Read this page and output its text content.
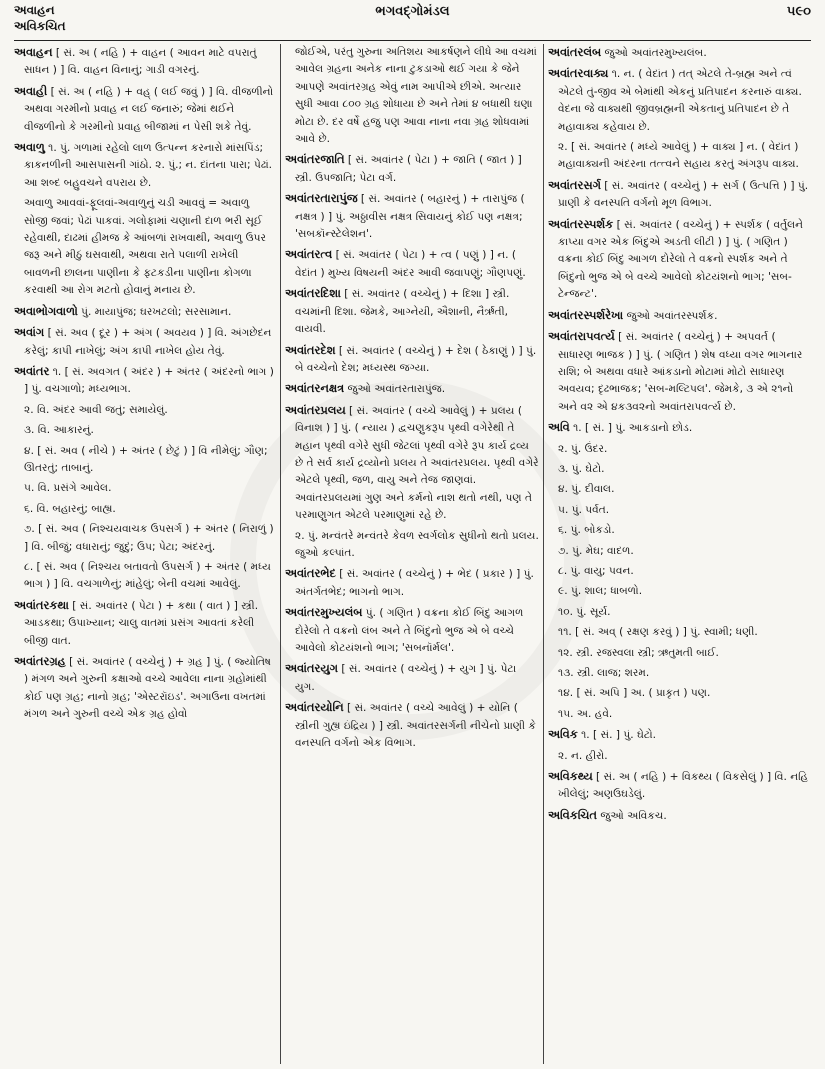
અવાહન
અવિકચિત
ભગવદ્ગોમંડલ	૫૯૦
અવાહન [ સં. અ ( નહિ ) + વાહન ( આવન માટે વપરાતું સાધન ) ] વિ. વાહન વિનાનું; ગાડી વગરનું.
અવાહી [ સં. અ ( નહિ ) + વહ્ ( લઈ જવું ) ] વિ. વીજળીનો અથવા ગરમીનો પ્રવાહ ન લઈ જનારું; જેમાં થઈને વીજળીનો કે ગરમીનો પ્રવાહ બીજામાં ન પેસી શકે તેવું.
અવાળુ ૧. પું. ગળામાં રહેલો લાળ ઉત્પન્ન કરનારો માંસપિંડ; કાકનળીની આસપાસની ગાંઠો. ૨. પું.; ન. દાંતના પારા; પેઢાં. આ શબ્દ બહુવચને વપરાય છે.
અવાળુ આવવાં-ફૂલવાં-અવાળુનું ચડી આવવું = અવાળુ સોજી જવાં; પેઢાં પાકવાં. ગલોફામાં ચણાની દાળ ભરી સૂઈ રહેવાથી, દાઢમાં હીમજ કે આંબળાં રાખવાથી, અવાળુ ઉપર જરૂ અને મીઠું ઘસવાથી, અથવા રાતે પલાળી રાખેલી બાવળની છાલના પાણીના કે ફટકડીના પાણીના કોગળા કરવાથી આ રોગ મટતો હોવાનું મનાય છે.
અવાભોગવાળો પું. માયાપુંજ; ઘરખટલો; સરસામાન.
અવાંગ [ સં. અવ ( દૂર ) + અંગ ( અવયવ ) ] વિ. અંગછેદન કરેલું; કાપી નાખેલું; અંગ કાપી નાખેલ હોય તેવું.
અવાંતર ૧. [ સં. અવગત ( અંદર ) + અંતર ( અંદરનો ભાગ ) ] પું. વચગાળો; મધ્યભાગ.
૨. વિ. અંદર આવી જતું; સમાયેલું.
૩. વિ. આકારનું.
૪. [ સં. અવ ( નીચે ) + અંતર ( છેટું ) ] વિ નીમેલું; ગૌણ; ઊતરતું; તાબાનું.
૫. વિ. પ્રસંગે આવેલ.
૬. વિ. બહારનું; બાહ્ય.
૭. [ સં. અવ ( નિશ્ચયવાચક ઉપસર્ગ ) + અંતર ( નિરાળું ) ] વિ. બીજું; વધારાનું; જુદું; ઉપ; પેટા; અંદરનું.
૮. [ સં. અવ ( નિશ્ચય બતાવતો ઉપસર્ગ ) + અંતર ( મધ્ય ભાગ ) ] વિ. વચગાળેનું; માંહેલું; બેની વચમાં આવેલું.
અવાંતરકથા [ સં. અવાંતર ( પેટા ) + કથા ( વાત ) ] સ્ત્રી. આડકથા; ઉપાખ્યાન; ચાલુ વાતમાં પ્રસંગ આવતાં કરેલી બીજી વાત.
અવાંતરગ્રહ [ સં. અવાંતર ( વચ્ચેનું ) + ગ્રહ ] પું. ( જ્યોતિષ ) મંગળ અને ગુરુની કક્ષાઓ વચ્ચે આવેલા નાના ગ્રહોમાંથી કોઈ પણ ગ્રહ; નાનો ગ્રહ; 'એસ્ટરૉઇડ'. અગાઉના વખતમાં મંગળ અને ગુરુની વચ્ચે એક ગ્રહ હોવો
જોઈએ, પરંતુ ગુરુના અતિશય આકર્ષણને લીધે આ વચમાં આવેલ ગ્રહના અનેક નાના ટુકડાઓ થઈ ગયા કે જેને આપણે અવાંતરગ્રહ એવું નામ આપીએ છીએ. અત્યાર સુધી આવા ૮૦૦ ગ્રહ શોધાયા છે અને તેમાં ૪ બધાથી ઘણા મોટા છે. દર વર્ષે હજુ પણ આવા નાના નવા ગ્રહ શોધવામાં આવે છે.
અવાંતરજાતિ [ સં. અવાંતર ( પેટા ) + જાતિ ( જાત ) ] સ્ત્રી. ઉપજાતિ; પેટા વર્ગ.
અવાંતરતારાપુંજ [ સં. અવાંતર ( બહારનું ) + તારાપુંજ ( નક્ષત્ર ) ] પું. અઠ્ઠાવીસ નક્ષત્ર સિવાયનું કોઈ પણ નક્ષત્ર; 'સબકૉન્સ્ટેલેશન'.
અવાંતરત્વ [ સં. અવાંતર ( પેટા ) + ત્વ ( પણું ) ] ન. ( વેદાંત ) મુખ્ય વિષયની અંદર આવી જવાપણું; ગૌણપણું.
અવાંતરદિશા [ સં. અવાંતર ( વચ્ચેનું ) + દિશા ] સ્ત્રી. વચમાંની દિશા. જેમકે, આગ્નેયી, ઐશાની, નૈર્ઋતી, વાયવી.
અવાંતરદેશ [ સં. અવાંતર ( વચ્ચેનું ) + દેશ ( ઠેકાણું ) ] પું. બે વચ્ચેનો દેશ; મધ્યસ્થ જગ્યા.
અવાંતરનક્ષત્ર જુઓ અવાંતરતારાપુંજ.
અવાંતરપ્રલય [ સં. અવાંતર ( વચ્ચે આવેલું ) + પ્રલય ( વિનાશ ) ] પું. ( ન્યાય ) દ્વચણુકરૂપ પૃથ્વી વગેરેથી તે મહાન પૃથ્વી વગેરે સુધી જેટલાં પૃથ્વી વગેરે રૂપ કાર્ય દ્રવ્ય છે તે સર્વ કાર્ય દ્રવ્યોનો પ્રલય તે અવાંતરપ્રલય. પૃથ્વી વગેરે એટલે પૃથ્વી, જળ, વાયુ અને તેજ જાણવાં. અવાંતરપ્રલયમાં ગુણ અને કર્મનો નાશ થતો નથી, પણ તે પરમાણુગત એટલે પરમાણુમાં રહે છે.
૨. પું. મન્વંતરે મન્વંતરે કેવળ સ્વર્ગલોક સુધીનો થતો પ્રલય. જુઓ કલ્પાંત.
અવાંતરભેદ [ સં. અવાંતર ( વચ્ચેનું ) + ભેદ ( પ્રકાર ) ] પું. અંતર્ગતભેદ; ભાગનો ભાગ.
અવાંતરમુખ્યલંબ પું. ( ગણિત ) વક્રના કોઈ બિંદુ આગળ દોરેલો તે વક્રનો લંબ અને તે બિંદુનો ભુજ એ બે વચ્ચે આવેલો કોટયંશનો ભાગ; 'સબનૉર્મલ'.
અવાંતરયુગ [ સં. અવાંતર ( વચ્ચેનું ) + યુગ ] પું. પેટા યુગ.
અવાંતરયોનિ [ સં. અવાંતર ( વચ્ચે આવેલું ) + યોનિ ( સ્ત્રીની ગુહ્ય ઇંદ્રિય ) ] સ્ત્રી. અવાંતરસર્ગની નીચેનો પ્રાણી કે વનસ્પતિ વર્ગનો એક વિભાગ.
અવાંતરલંબ જુઓ અવાંતરમુખ્યલંબ.
અવાંતરવાક્ય ૧. ન. ( વેદાંત ) તત્ એટલે તે-બ્રહ્મ અને ત્વં એટલે તું-જીવ એ બેમાંથી એકનું પ્રતિપાદન કરનારું વાક્ય. વેદના જે વાક્યથી જીવબ્રહ્મની એકતાનું પ્રતિપાદન છે તે મહાવાક્ય કહેવાય છે.
૨. [ સં. અવાંતર ( મધ્યે આવેલું ) + વાક્ય ] ન. ( વેદાંત ) મહાવાક્યની અંદરના તત્ત્વને સહાય કરતું અંગરૂપ વાક્ય.
અવાંતરસર્ગ [ સં. અવાંતર ( વચ્ચેનું ) + સર્ગ ( ઉત્પત્તિ ) ] પું. પ્રાણી કે વનસ્પતિ વર્ગનો મૂળ વિભાગ.
અવાંતરસ્પર્શક [ સં. અવાંતર ( વચ્ચેનું ) + સ્પર્શક ( વર્તુલને કાપ્યા વગર એક બિંદુએ અડતી લીટી ) ] પું. ( ગણિત ) વક્રના કોઈ બિંદુ આગળ દોરેલો તે વક્રનો સ્પર્શક અને તે બિંદુનો ભુજ એ બે વચ્ચે આવેલો કોટયંશનો ભાગ; 'સબ-ટેન્જન્ટ'.
અવાંતરસ્પર્શરેખા જુઓ અવાંતરસ્પર્શક.
અવાંતરાપવર્ત્ય [ સં. અવાંતર ( વચ્ચેનું ) + અપવર્ત ( સાધારણ ભાજક ) ] પું. ( ગણિત ) શેષ વધ્યા વગર ભાગનાર રાશિ; બે અથવા વધારે આંકડાનો મોટામાં મોટો સાધારણ અવયવ; દૃઢભાજક; 'સબ-મલ્ટિપલ'. જેમકે, ૩ એ ૨૧નો અને વ૨ એ ૪ક૩વ૨નો અવાંતરાપવર્ત્ય છે.
અવિ ૧. [ સં. ] પું. આકડાનો છોડ.
૨. પું. ઉંદર.
૩. પું. ઘેટો.
૪. પું. દીવાલ.
૫. પું. પર્વત.
૬. પું. બોકડો.
૭. પું. મેઘ; વાદળ.
૮. પું. વાયુ; પવન.
૯. પું. શાલ; ધાબળો.
૧૦. પું. સૂર્ય.
૧૧. [ સં. અવ્ ( રક્ષણ કરવું ) ] પું. સ્વામી; ધણી.
૧૨. સ્ત્રી. રજસ્વલા સ્ત્રી; ઋતુમતી બાઈ.
૧૩. સ્ત્રી. લાજ; શરમ.
૧૪. [ સં. અપિ ] અ. ( પ્રાકૃત ) પણ.
૧૫. અ. હવે.
અવિક ૧. [ સં. ] પું. ઘેટો.
૨. ન. હીરો.
અવિકથ્ય [ સં. અ ( નહિ ) + વિકથ્ય ( વિકસેલું ) ] વિ. નહિ ખીલેલું; અણઉઘડેલું.
અવિકચિત જુઓ અવિકચ.
